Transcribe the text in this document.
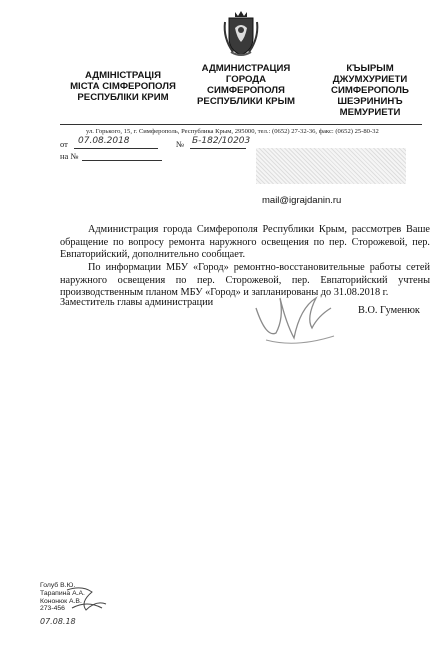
АДМІНІСТРАЦІЯ
МІСТА СІМФЕРОПОЛЯ
РЕСПУБЛІКИ КРИМ
АДМИНИСТРАЦИЯ
ГОРОДА
СИМФЕРОПОЛЯ
РЕСПУБЛИКИ КРЫМ
КЪЫРЫМ
ДЖУМХУРИЕТИ
СИМФЕРОПОЛЬ
ШЕЭРИНИНЪ
МЕМУРИЕТИ
ул. Горького, 15, г. Симферополь, Республика Крым, 295000, тел.: (0652) 27-32-36, факс: (0652) 25-80-32
от 07.08.2018	№ Б-182/10203
на №
mail@igrajdanin.ru
Администрация города Симферополя Республики Крым, рассмотрев Ваше обращение по вопросу ремонта наружного освещения по пер. Сторожевой, пер. Евпаторийский, дополнительно сообщает.
По информации МБУ «Город» ремонтно-восстановительные работы сетей наружного освещения по пер. Сторожевой, пер. Евпаторийский учтены производственным планом МБУ «Город» и запланированы до 31.08.2018 г.
Заместитель главы администрации
В.О. Гуменюк
Голуб В.Ю.
Тарапина А.А.
Кононюк А.В.
273-456
07.08.18
